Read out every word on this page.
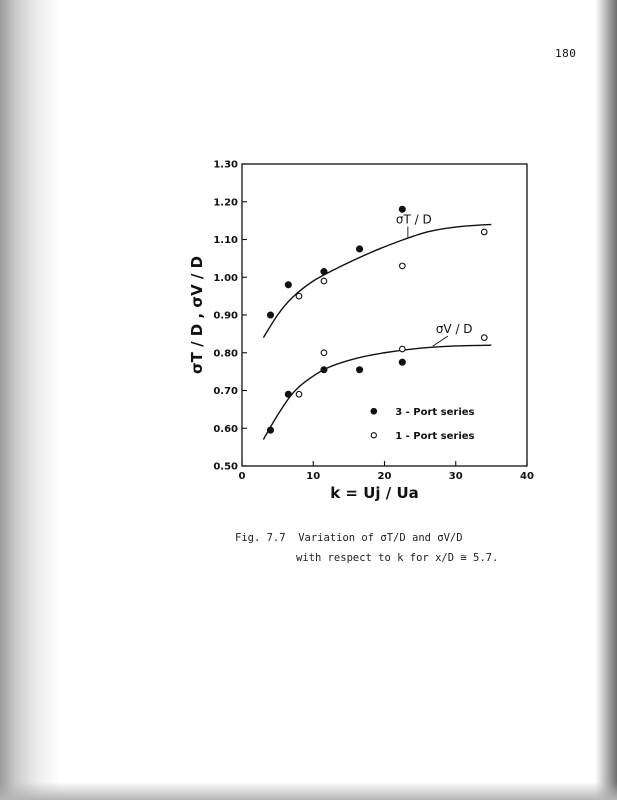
180
0.50
0.60
0.70
0.80
0.90
1.00
1.10
1.20
1.30
0	10	20	30	40
k = Uj / Ua
σT / D , σV / D
σT / D
σV / D
3 - Port series
1 - Port series
Fig. 7.7  Variation of σT/D and σV/D
with respect to k for x/D ≅ 5.7.
